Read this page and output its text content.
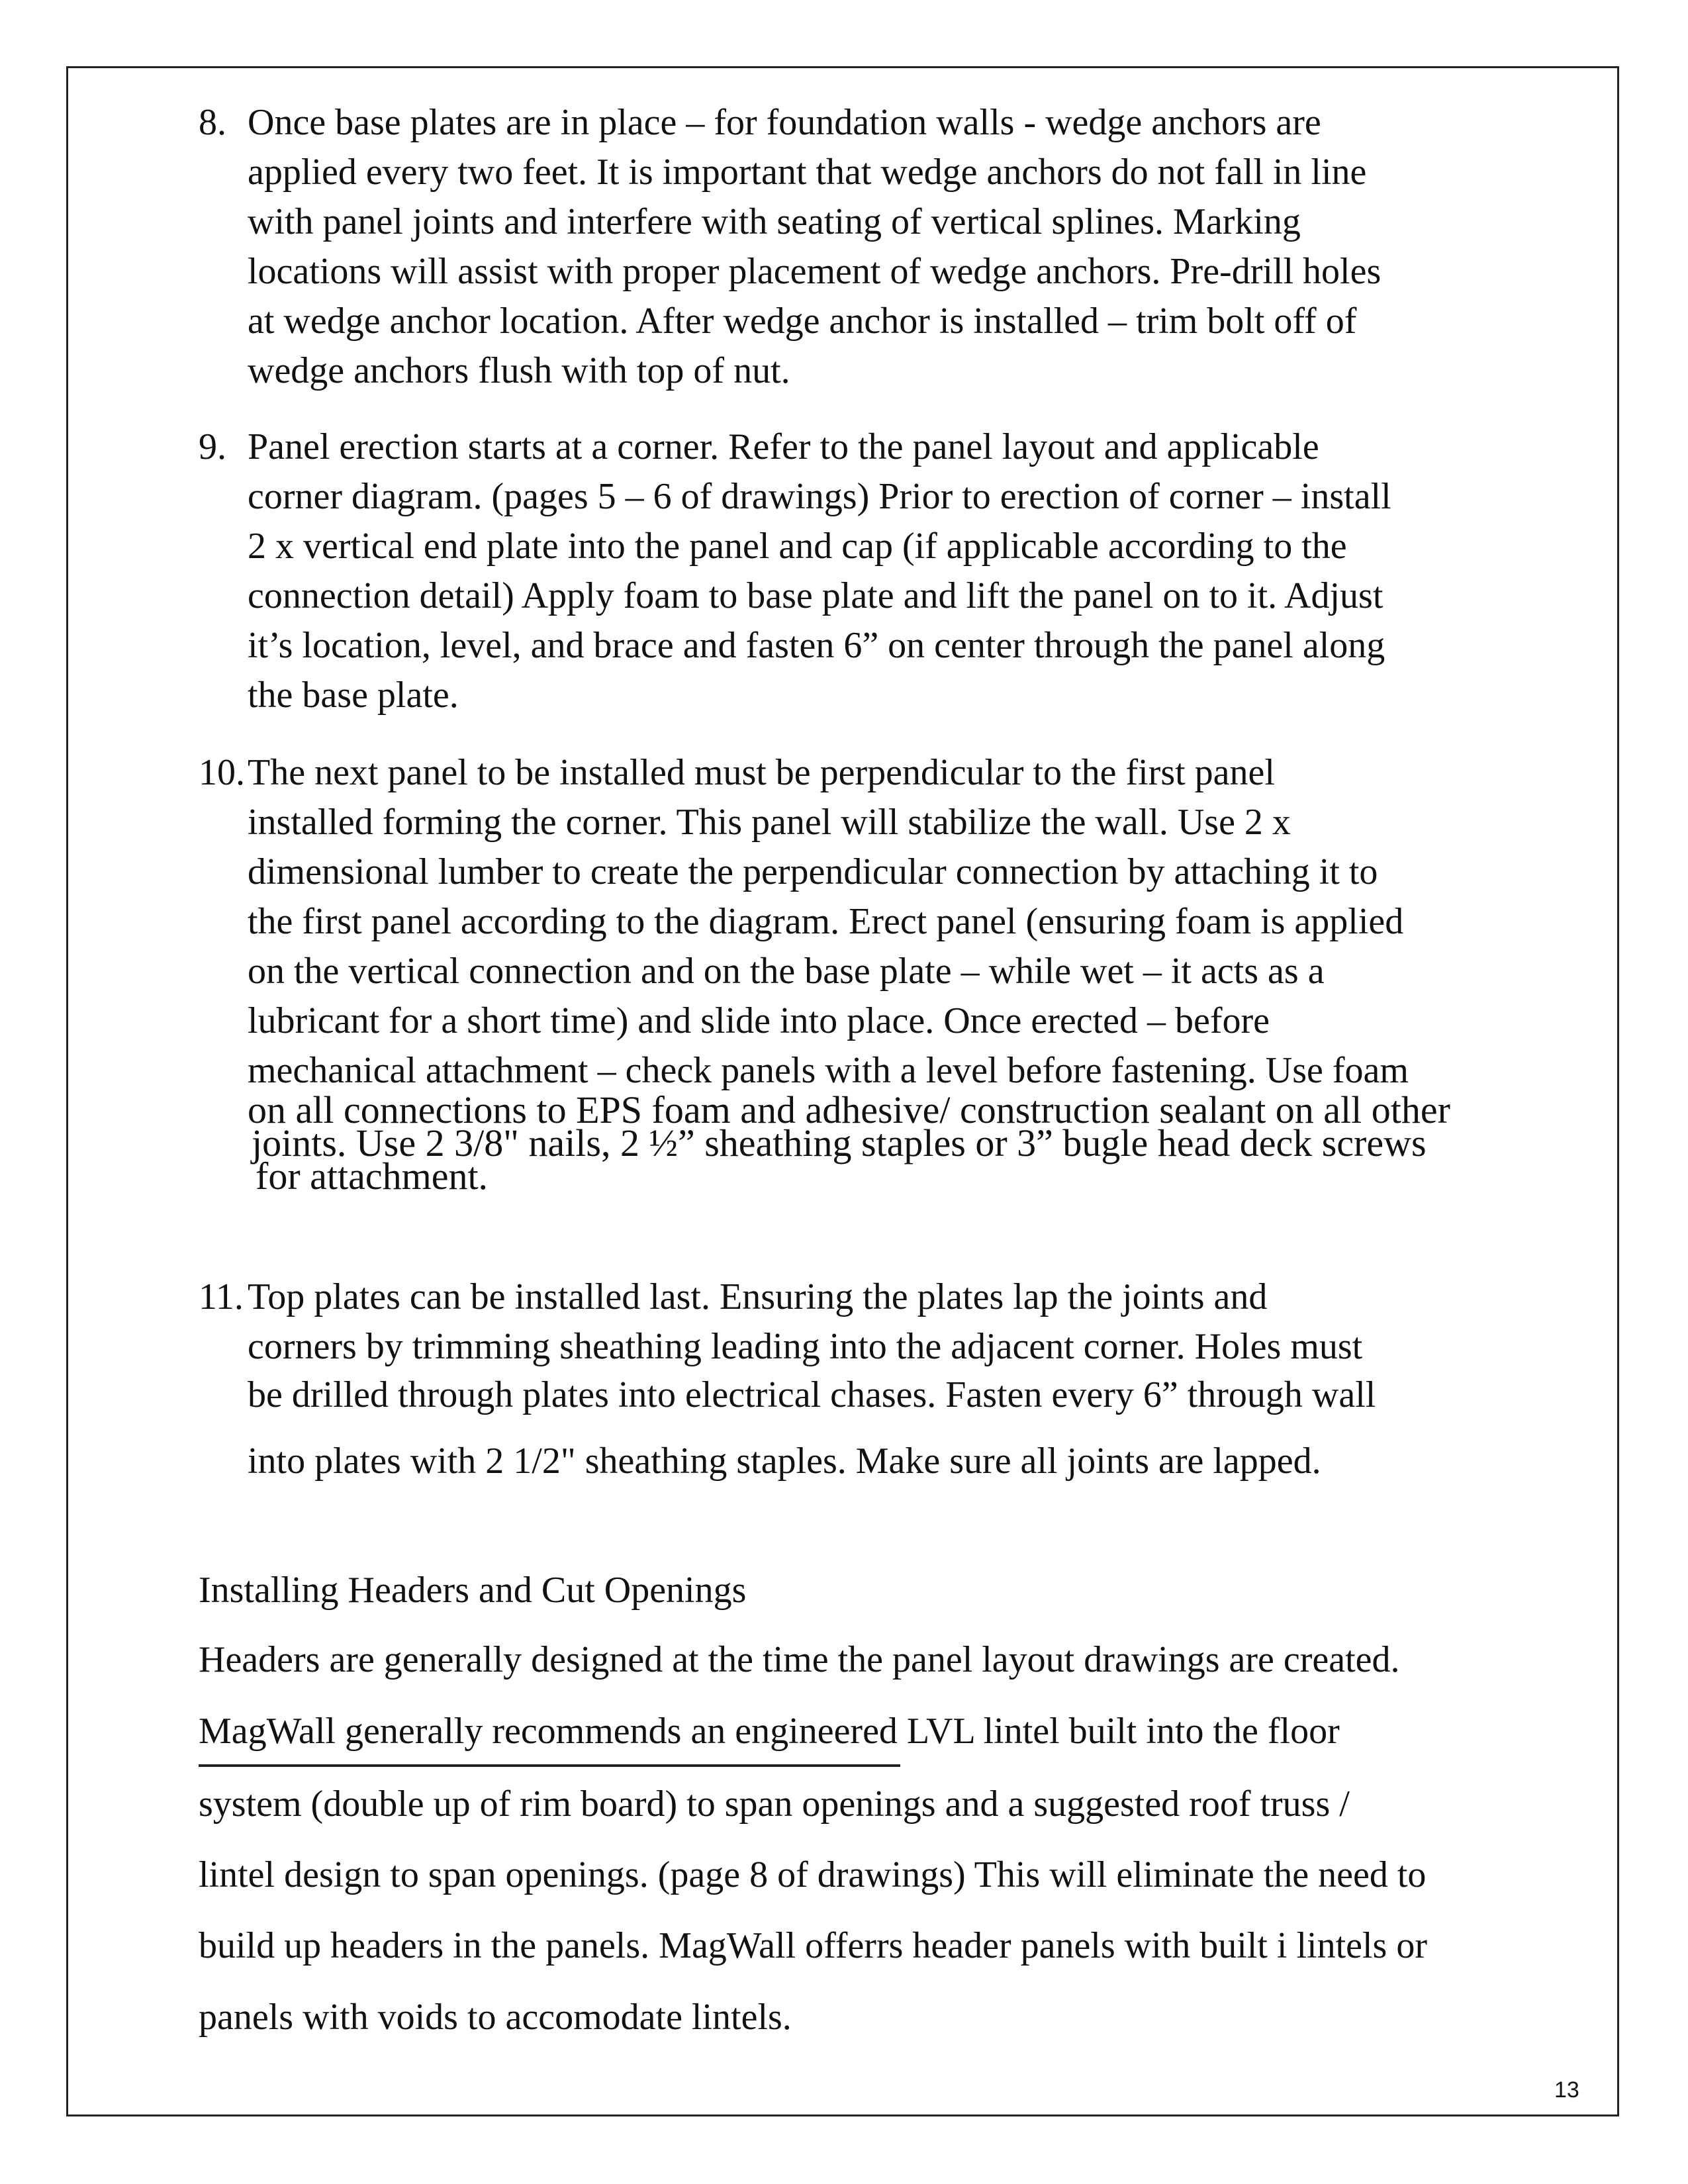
8. Once base plates are in place – for foundation walls - wedge anchors are
applied every two feet. It is important that wedge anchors do not fall in line
with panel joints and interfere with seating of vertical splines. Marking
locations will assist with proper placement of wedge anchors. Pre-drill holes
at wedge anchor location. After wedge anchor is installed – trim bolt off of
wedge anchors flush with top of nut.
9. Panel erection starts at a corner. Refer to the panel layout and applicable
corner diagram. (pages 5 – 6 of drawings) Prior to erection of corner – install
2 x vertical end plate into the panel and cap (if applicable according to the
connection detail) Apply foam to base plate and lift the panel on to it. Adjust
it’s location, level, and brace and fasten 6” on center through the panel along
the base plate.
10. The next panel to be installed must be perpendicular to the first panel
installed forming the corner. This panel will stabilize the wall. Use 2 x
dimensional lumber to create the perpendicular connection by attaching it to
the first panel according to the diagram. Erect panel (ensuring foam is applied
on the vertical connection and on the base plate – while wet – it acts as a
lubricant for a short time) and slide into place. Once erected – before
mechanical attachment – check panels with a level before fastening. Use foam
on all connections to EPS foam and adhesive/ construction sealant on all other
joints. Use 2 3/8" nails, 2 ½” sheathing staples or 3” bugle head deck screws
for attachment.
11. Top plates can be installed last. Ensuring the plates lap the joints and
corners by trimming sheathing leading into the adjacent corner. Holes must
be drilled through plates into electrical chases. Fasten every 6” through wall
into plates with 2 1/2" sheathing staples. Make sure all joints are lapped.
Installing Headers and Cut Openings
Headers are generally designed at the time the panel layout drawings are created.
MagWall generally recommends an engineered LVL lintel built into the floor
system (double up of rim board) to span openings and a suggested roof truss /
lintel design to span openings. (page 8 of drawings) This will eliminate the need to
build up headers in the panels. MagWall offerrs header panels with built i lintels or
panels with voids to accomodate lintels.
13
